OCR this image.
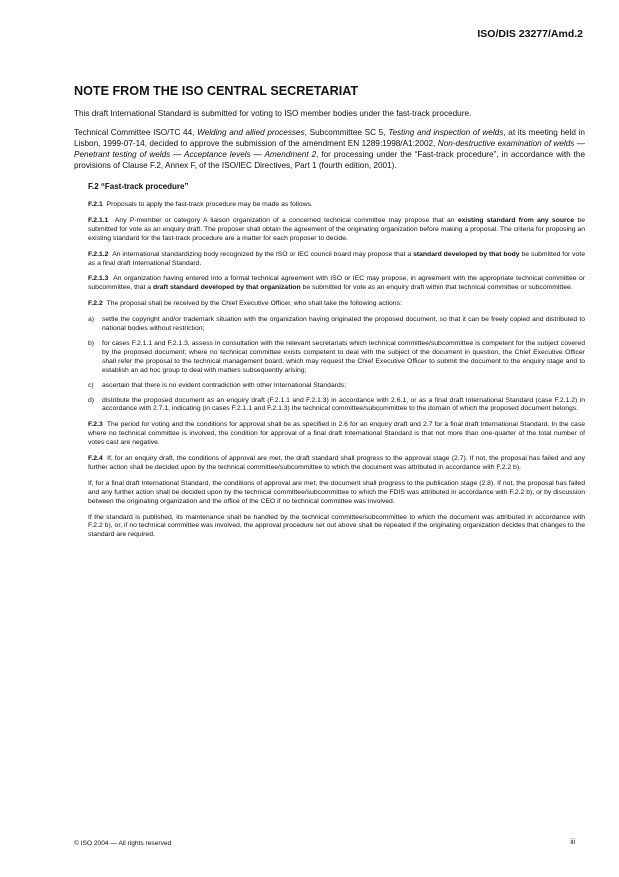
ISO/DIS 23277/Amd.2
NOTE FROM THE ISO CENTRAL SECRETARIAT

This draft International Standard is submitted for voting to ISO member bodies under the fast-track procedure.

Technical Committee ISO/TC 44, Welding and allied processes, Subcommittee SC 5, Testing and inspection of welds, at its meeting held in Lisbon, 1999-07-14, decided to approve the submission of the amendment EN 1289:1998/A1:2002, Non-destructive examination of welds — Penetrant testing of welds — Acceptance levels — Amendment 2, for processing under the “Fast-track procedure”, in accordance with the provisions of Clause F.2, Annex F, of the ISO/IEC Directives, Part 1 (fourth edition, 2001).

F.2 “Fast-track procedure”

F.2.1 Proposals to apply the fast-track procedure may be made as follows.

F.2.1.1 Any P-member or category A liaison organization of a concerned technical committee may propose that an existing standard from any source be submitted for vote as an enquiry draft. The proposer shall obtain the agreement of the originating organization before making a proposal. The criteria for proposing an existing standard for the fast-track procedure are a matter for each proposer to decide.

F.2.1.2 An international standardizing body recognized by the ISO or IEC council board may propose that a standard developed by that body be submitted for vote as a final draft International Standard.

F.2.1.3 An organization having entered into a formal technical agreement with ISO or IEC may propose, in agreement with the appropriate technical committee or subcommittee, that a draft standard developed by that organization be submitted for vote as an enquiry draft within that technical committee or subcommittee.

F.2.2 The proposal shall be received by the Chief Executive Officer, who shall take the following actions:

a)	settle the copyright and/or trademark situation with the organization having originated the proposed document, so that it can be freely copied and distributed to national bodies without restriction;
b)	for cases F.2.1.1 and F.2.1.3, assess in consultation with the relevant secretariats which technical committee/subcommittee is competent for the subject covered by the proposed document; where no technical committee exists competent to deal with the subject of the document in question, the Chief Executive Officer shall refer the proposal to the technical management board, which may request the Chief Executive Officer to submit the document to the enquiry stage and to establish an ad hoc group to deal with matters subsequently arising;
c)	ascertain that there is no evident contradiction with other International Standards;
d)	distribute the proposed document as an enquiry draft (F.2.1.1 and F.2.1.3) in accordance with 2.6.1, or as a final draft International Standard (case F.2.1.2) in accordance with 2.7.1, indicating (in cases F.2.1.1 and F.2.1.3) the technical committee/subcommittee to the domain of which the proposed document belongs.

F.2.3 The period for voting and the conditions for approval shall be as specified in 2.6 for an enquiry draft and 2.7 for a final draft International Standard. In the case where no technical committee is involved, the condition for approval of a final draft International Standard is that not more than one-quarter of the total number of votes cast are negative.

F.2.4 If, for an enquiry draft, the conditions of approval are met, the draft standard shall progress to the approval stage (2.7). If not, the proposal has failed and any further action shall be decided upon by the technical committee/subcommittee to which the document was attributed in accordance with F.2.2 b).

If, for a final draft International Standard, the conditions of approval are met, the document shall progress to the publication stage (2.8). If not, the proposal has failed and any further action shall be decided upon by the technical committee/subcommittee to which the FDIS was attributed in accordance with F.2.2 b), or by discussion between the originating organization and the office of the CEO if no technical committee was involved.

If the standard is published, its maintenance shall be handled by the technical committee/subcommittee to which the document was attributed in accordance with F.2.2 b), or, if no technical committee was involved, the approval procedure set out above shall be repeated if the originating organization decides that changes to the standard are required.

© ISO 2004 — All rights reserved	iii
